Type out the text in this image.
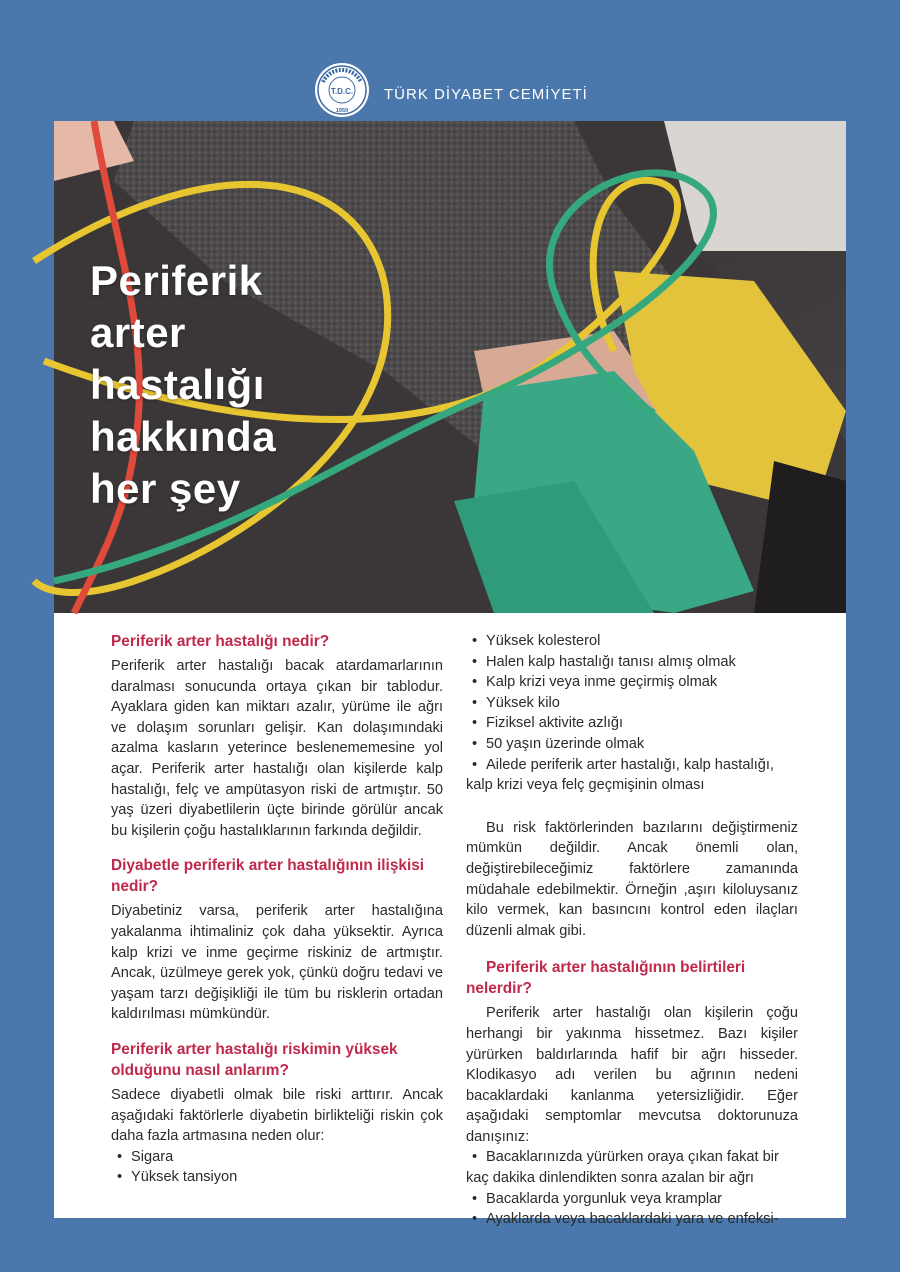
T.D.C.
1959
TÜRK DİYABET CEMİYETİ
Periferik
arter
hastalığı
hakkında
her şey
Periferik arter hastalığı nedir?

Periferik arter hastalığı bacak atardamarlarının daralması sonucunda ortaya çıkan bir tablodur. Ayaklara giden kan miktarı azalır, yürüme ile ağrı ve dolaşım sorunları gelişir. Kan dolaşımındaki azalma kasların yeterince beslenememesine yol açar. Periferik arter hastalığı olan kişilerde kalp hastalığı, felç ve ampütasyon riski de artmıştır. 50 yaş üzeri diyabetlilerin üçte birinde görülür ancak bu kişilerin çoğu hastalıklarının farkında değildir.

Diyabetle periferik arter hastalığının ilişkisi nedir?

Diyabetiniz varsa, periferik arter hastalığına yakalanma ihtimaliniz çok daha yüksektir. Ayrıca kalp krizi ve inme geçirme riskiniz de artmıştır. Ancak, üzülmeye gerek yok, çünkü doğru tedavi ve yaşam tarzı değişikliği ile tüm bu risklerin ortadan kaldırılması mümkündür.

Periferik arter hastalığı riskimin yüksek olduğunu nasıl anlarım?

Sadece diyabetli olmak bile riski arttırır. Ancak aşağıdaki faktörlerle diyabetin birlikteliği riskin çok daha fazla artmasına neden olur:

• Sigara
• Yüksek tansiyon
• Yüksek kolesterol
• Halen kalp hastalığı tanısı almış olmak
• Kalp krizi veya inme geçirmiş olmak
• Yüksek kilo
• Fiziksel aktivite azlığı
• 50 yaşın üzerinde olmak
• Ailede periferik arter hastalığı, kalp hastalığı, kalp krizi veya felç geçmişinin olması

Bu risk faktörlerinden bazılarını değiştirmeniz mümkün değildir. Ancak önemli olan, değiştirebileceğimiz faktörlere zamanında müdahale edebilmektir. Örneğin ,aşırı kiloluysanız kilo vermek, kan basıncını kontrol eden ilaçları düzenli almak gibi.

Periferik arter hastalığının belirtileri nelerdir?

Periferik arter hastalığı olan kişilerin çoğu herhangi bir yakınma hissetmez. Bazı kişiler yürürken baldırlarında hafif bir ağrı hisseder. Klodikasyo adı verilen bu ağrının nedeni bacaklardaki kanlanma yetersizliğidir. Eğer aşağıdaki semptomlar mevcutsa doktorunuza danışınız:

• Bacaklarınızda yürürken oraya çıkan fakat bir kaç dakika dinlendikten sonra azalan bir ağrı
• Bacaklarda yorgunluk veya kramplar
• Ayaklarda veya bacaklardaki yara ve enfeksi-
